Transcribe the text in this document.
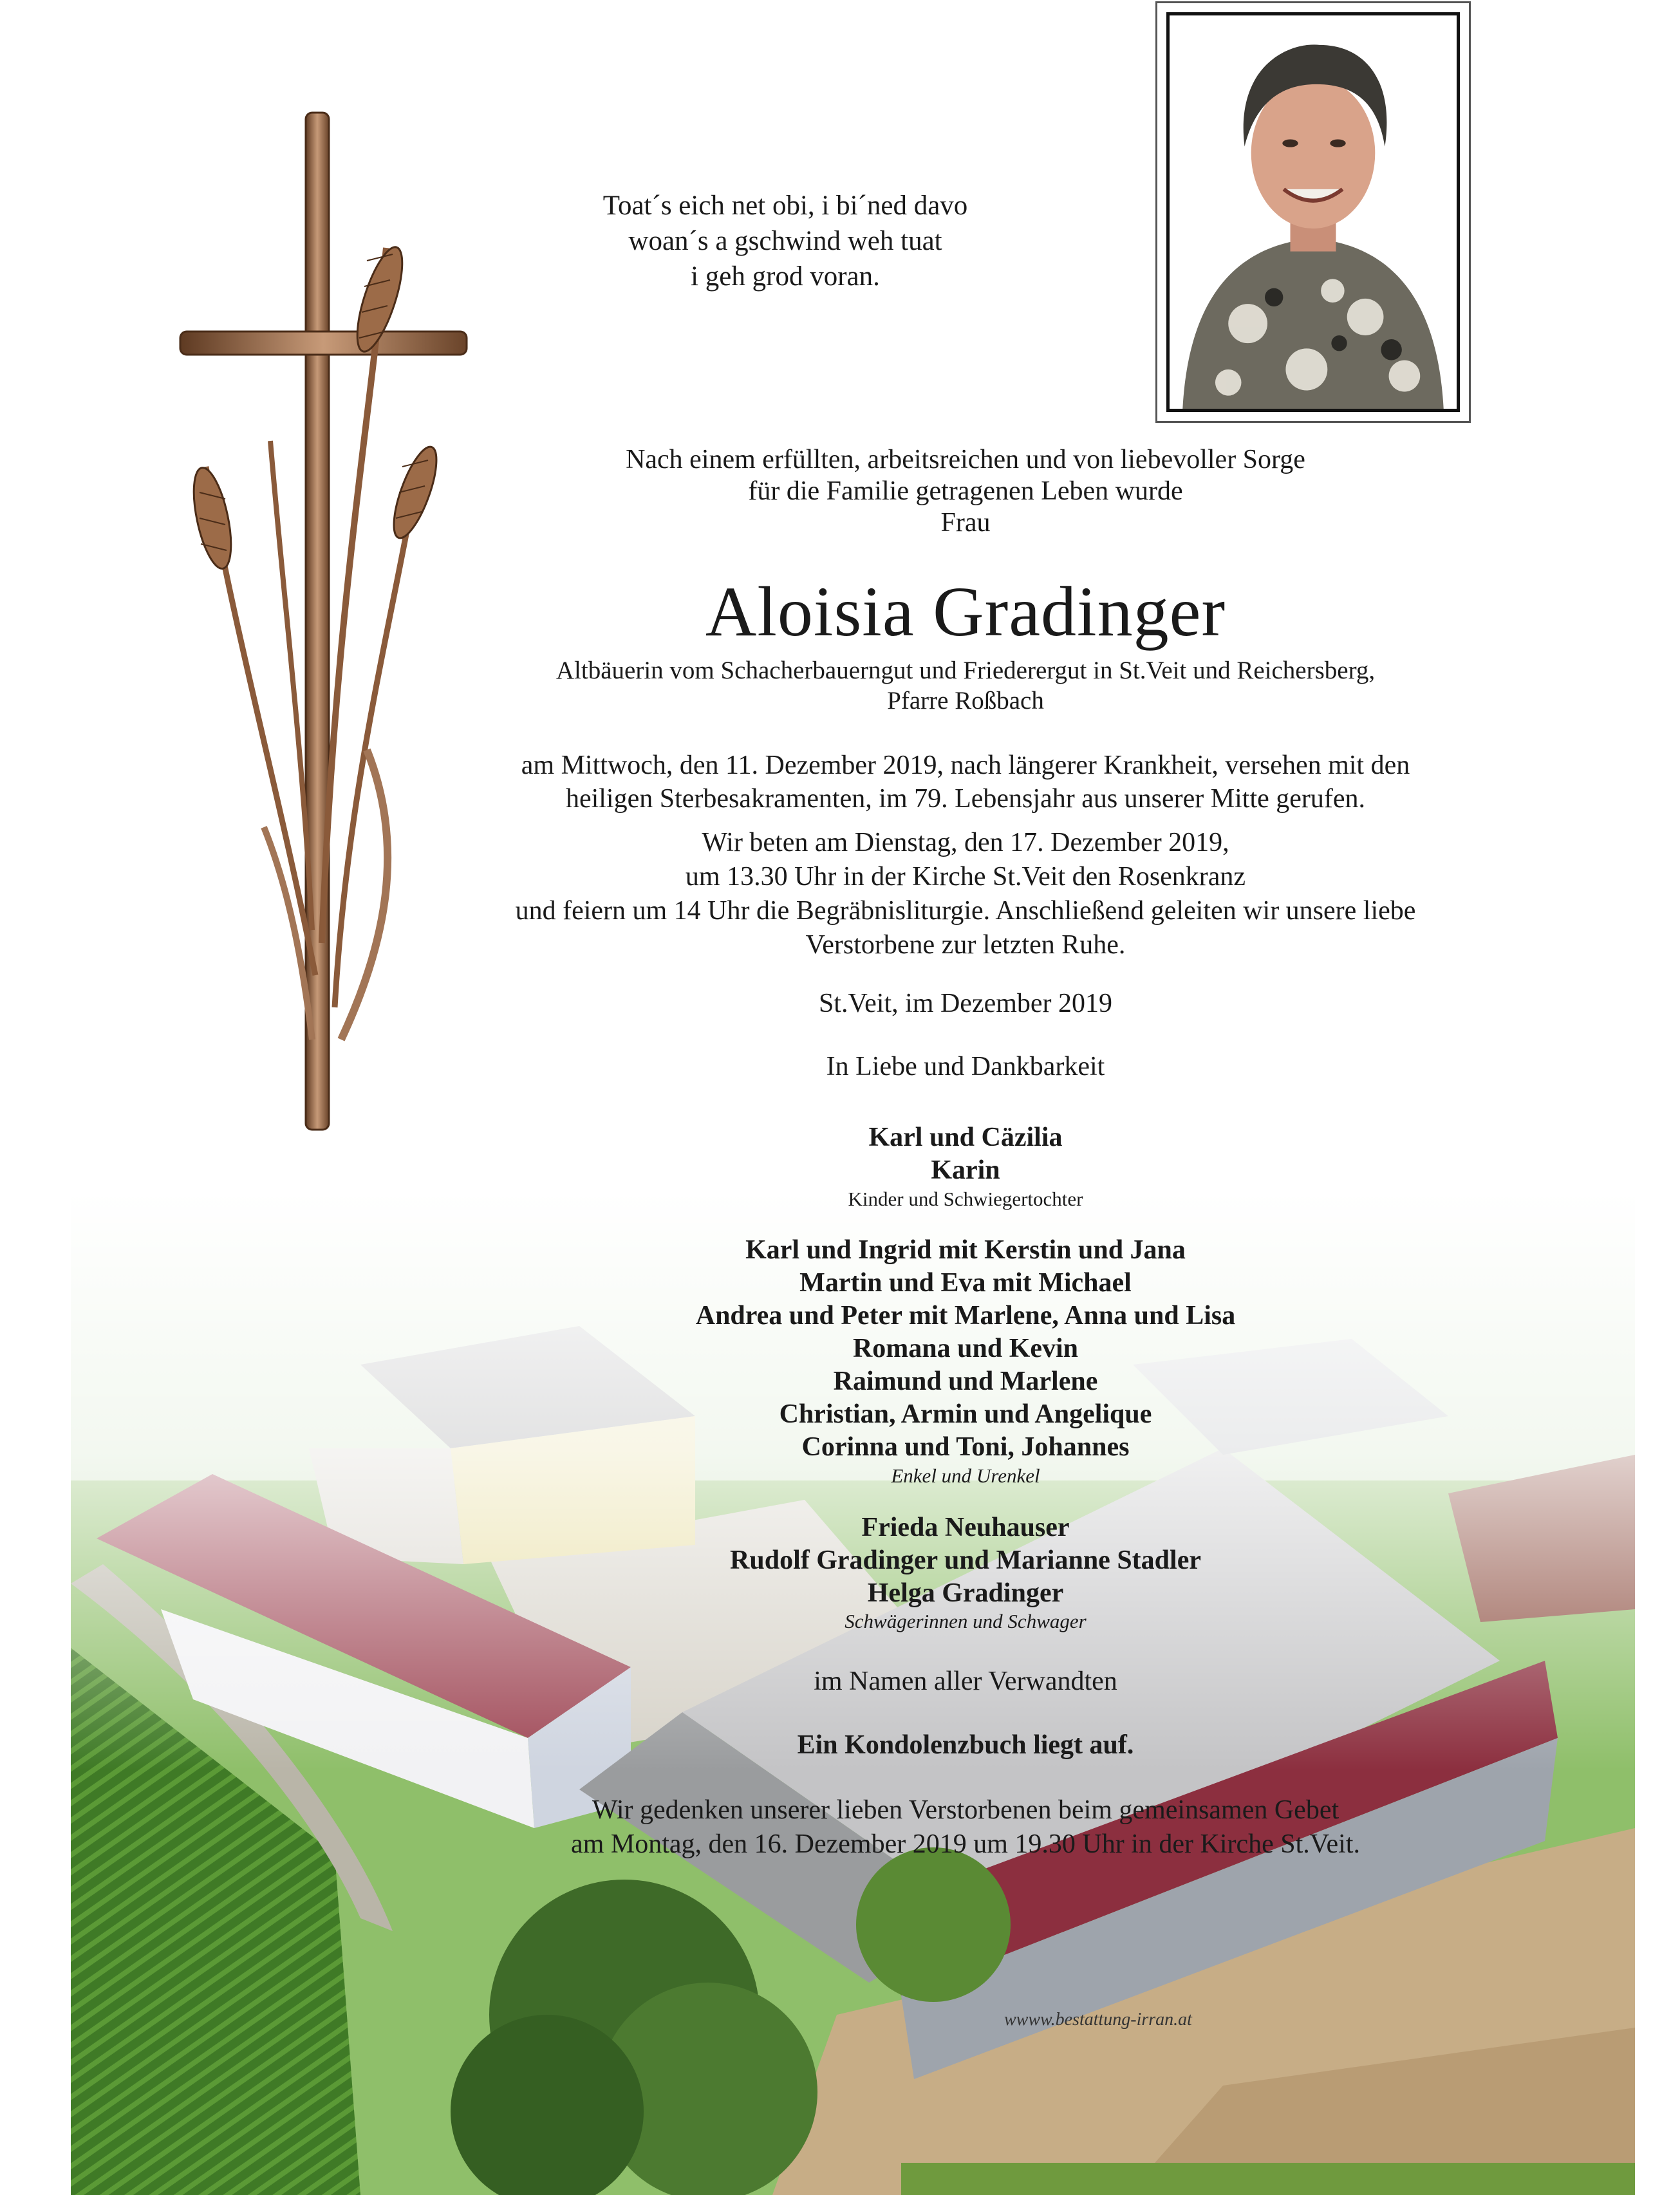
Toat´s eich net obi, i bi´ned davo
woan´s a gschwind weh tuat
i geh grod voran.
Nach einem erfüllten, arbeitsreichen und von liebevoller Sorge
für die Familie getragenen Leben wurde
Frau
Aloisia Gradinger
Altbäuerin vom Schacherbauerngut und Friederergut in St.Veit und Reichersberg,
Pfarre Roßbach
am Mittwoch, den 11. Dezember 2019, nach längerer Krankheit, versehen mit den
heiligen Sterbesakramenten, im 79. Lebensjahr aus unserer Mitte gerufen.
Wir beten am Dienstag, den 17. Dezember 2019,
um 13.30 Uhr in der Kirche St.Veit den Rosenkranz
und feiern um 14 Uhr die Begräbnisliturgie. Anschließend geleiten wir unsere liebe
Verstorbene zur letzten Ruhe.
St.Veit, im Dezember 2019
In Liebe und Dankbarkeit
Karl und Cäzilia
Karin
Kinder und Schwiegertochter
Karl und Ingrid mit Kerstin und Jana
Martin und Eva mit Michael
Andrea und Peter mit Marlene, Anna und Lisa
Romana und Kevin
Raimund und Marlene
Christian, Armin und Angelique
Corinna und Toni, Johannes
Enkel und Urenkel
Frieda Neuhauser
Rudolf Gradinger und Marianne Stadler
Helga Gradinger
Schwägerinnen und Schwager
im Namen aller Verwandten
Ein Kondolenzbuch liegt auf.
Wir gedenken unserer lieben Verstorbenen beim gemeinsamen Gebet
am Montag, den 16. Dezember 2019 um 19.30 Uhr in der Kirche St.Veit.
wwww.bestattung-irran.at
